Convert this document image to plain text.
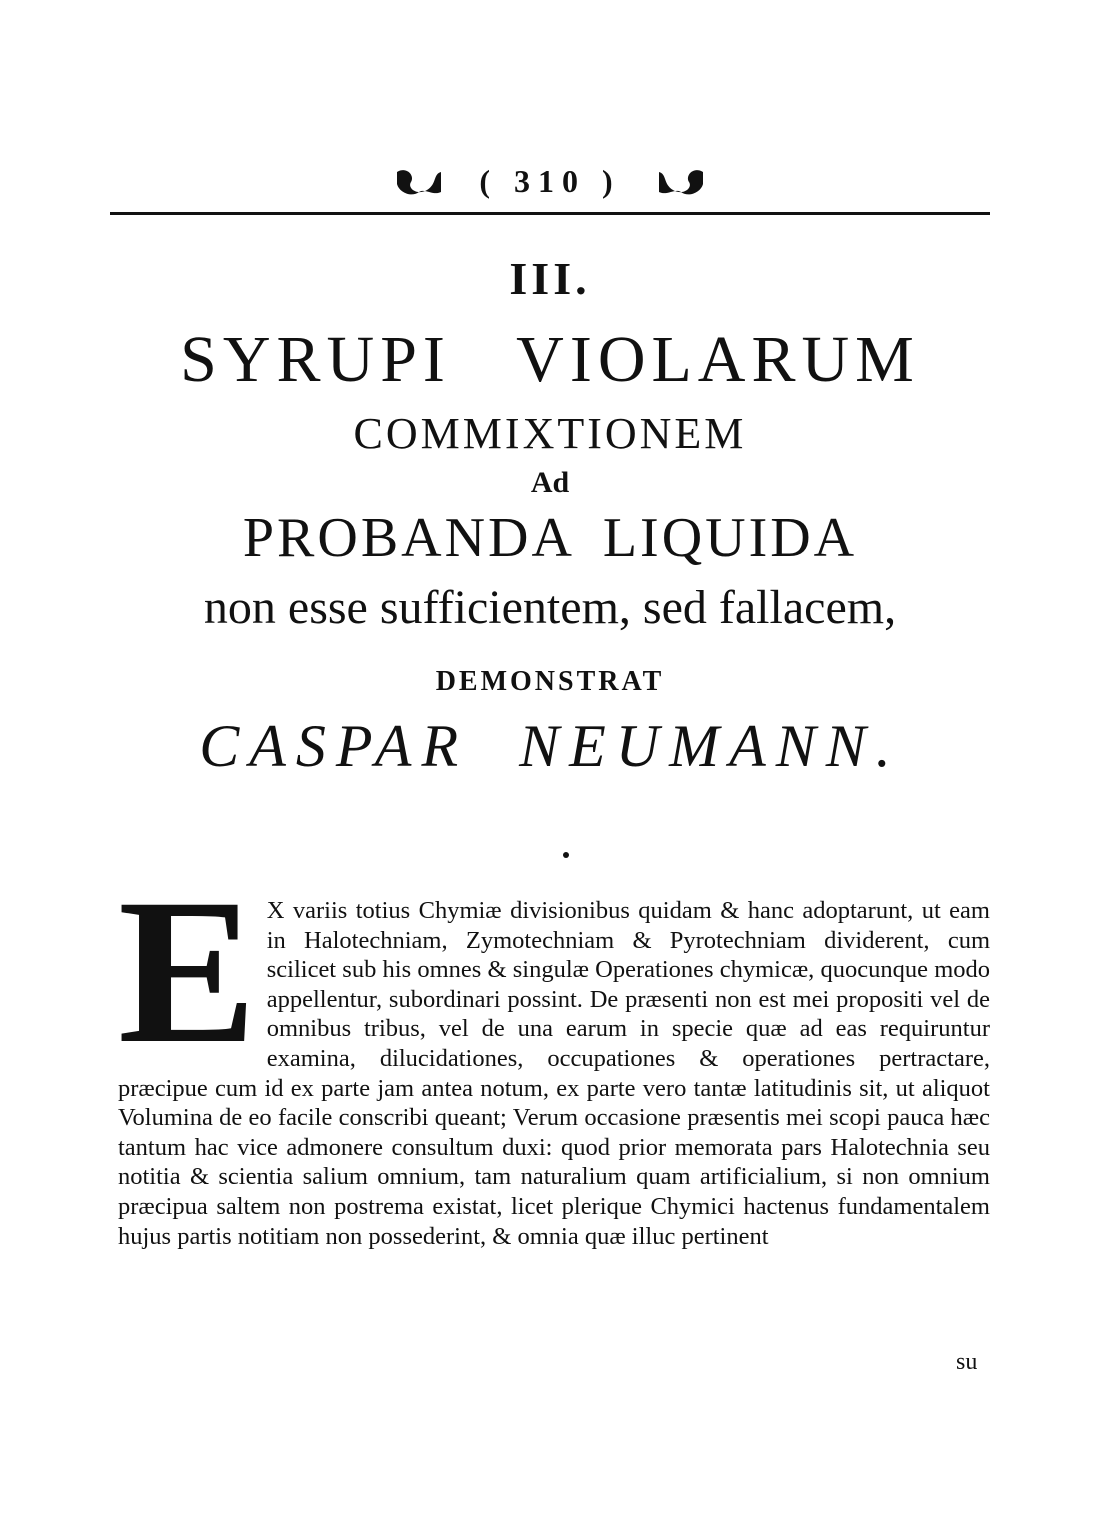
( 310 )
III.
SYRUPI VIOLARUM
COMMIXTIONEM
Ad
PROBANDA LIQUIDA
non esse sufficientem, sed fallacem,
DEMONSTRAT
CASPAR NEUMANN.
E X variis totius Chymiæ divisionibus quidam & hanc adoptarunt, ut eam in Halotechniam, Zymotechniam & Pyrotechniam dividerent, cum scilicet sub his omnes & singulæ Operationes chymicæ, quocunque modo appellentur, subordinari possint. De præsenti non est mei propositi vel de omnibus tribus, vel de una earum in specie quæ ad eas requiruntur examina, dilucidationes, occupationes & operationes pertractare, præcipue cum id ex parte jam antea notum, ex parte vero tantæ latitudinis sit, ut aliquot Volumina de eo facile conscribi queant; Verum occasione præsentis mei scopi pauca hæc tantum hac vice admonere consultum duxi: quod prior memorata pars Halotechnia seu notitia & scientia salium omnium, tam naturalium quam artificialium, si non omnium præcipua saltem non postrema existat, licet plerique Chymici hactenus fundamentalem hujus partis notitiam non possederint, & omnia quæ illuc pertinent

su
